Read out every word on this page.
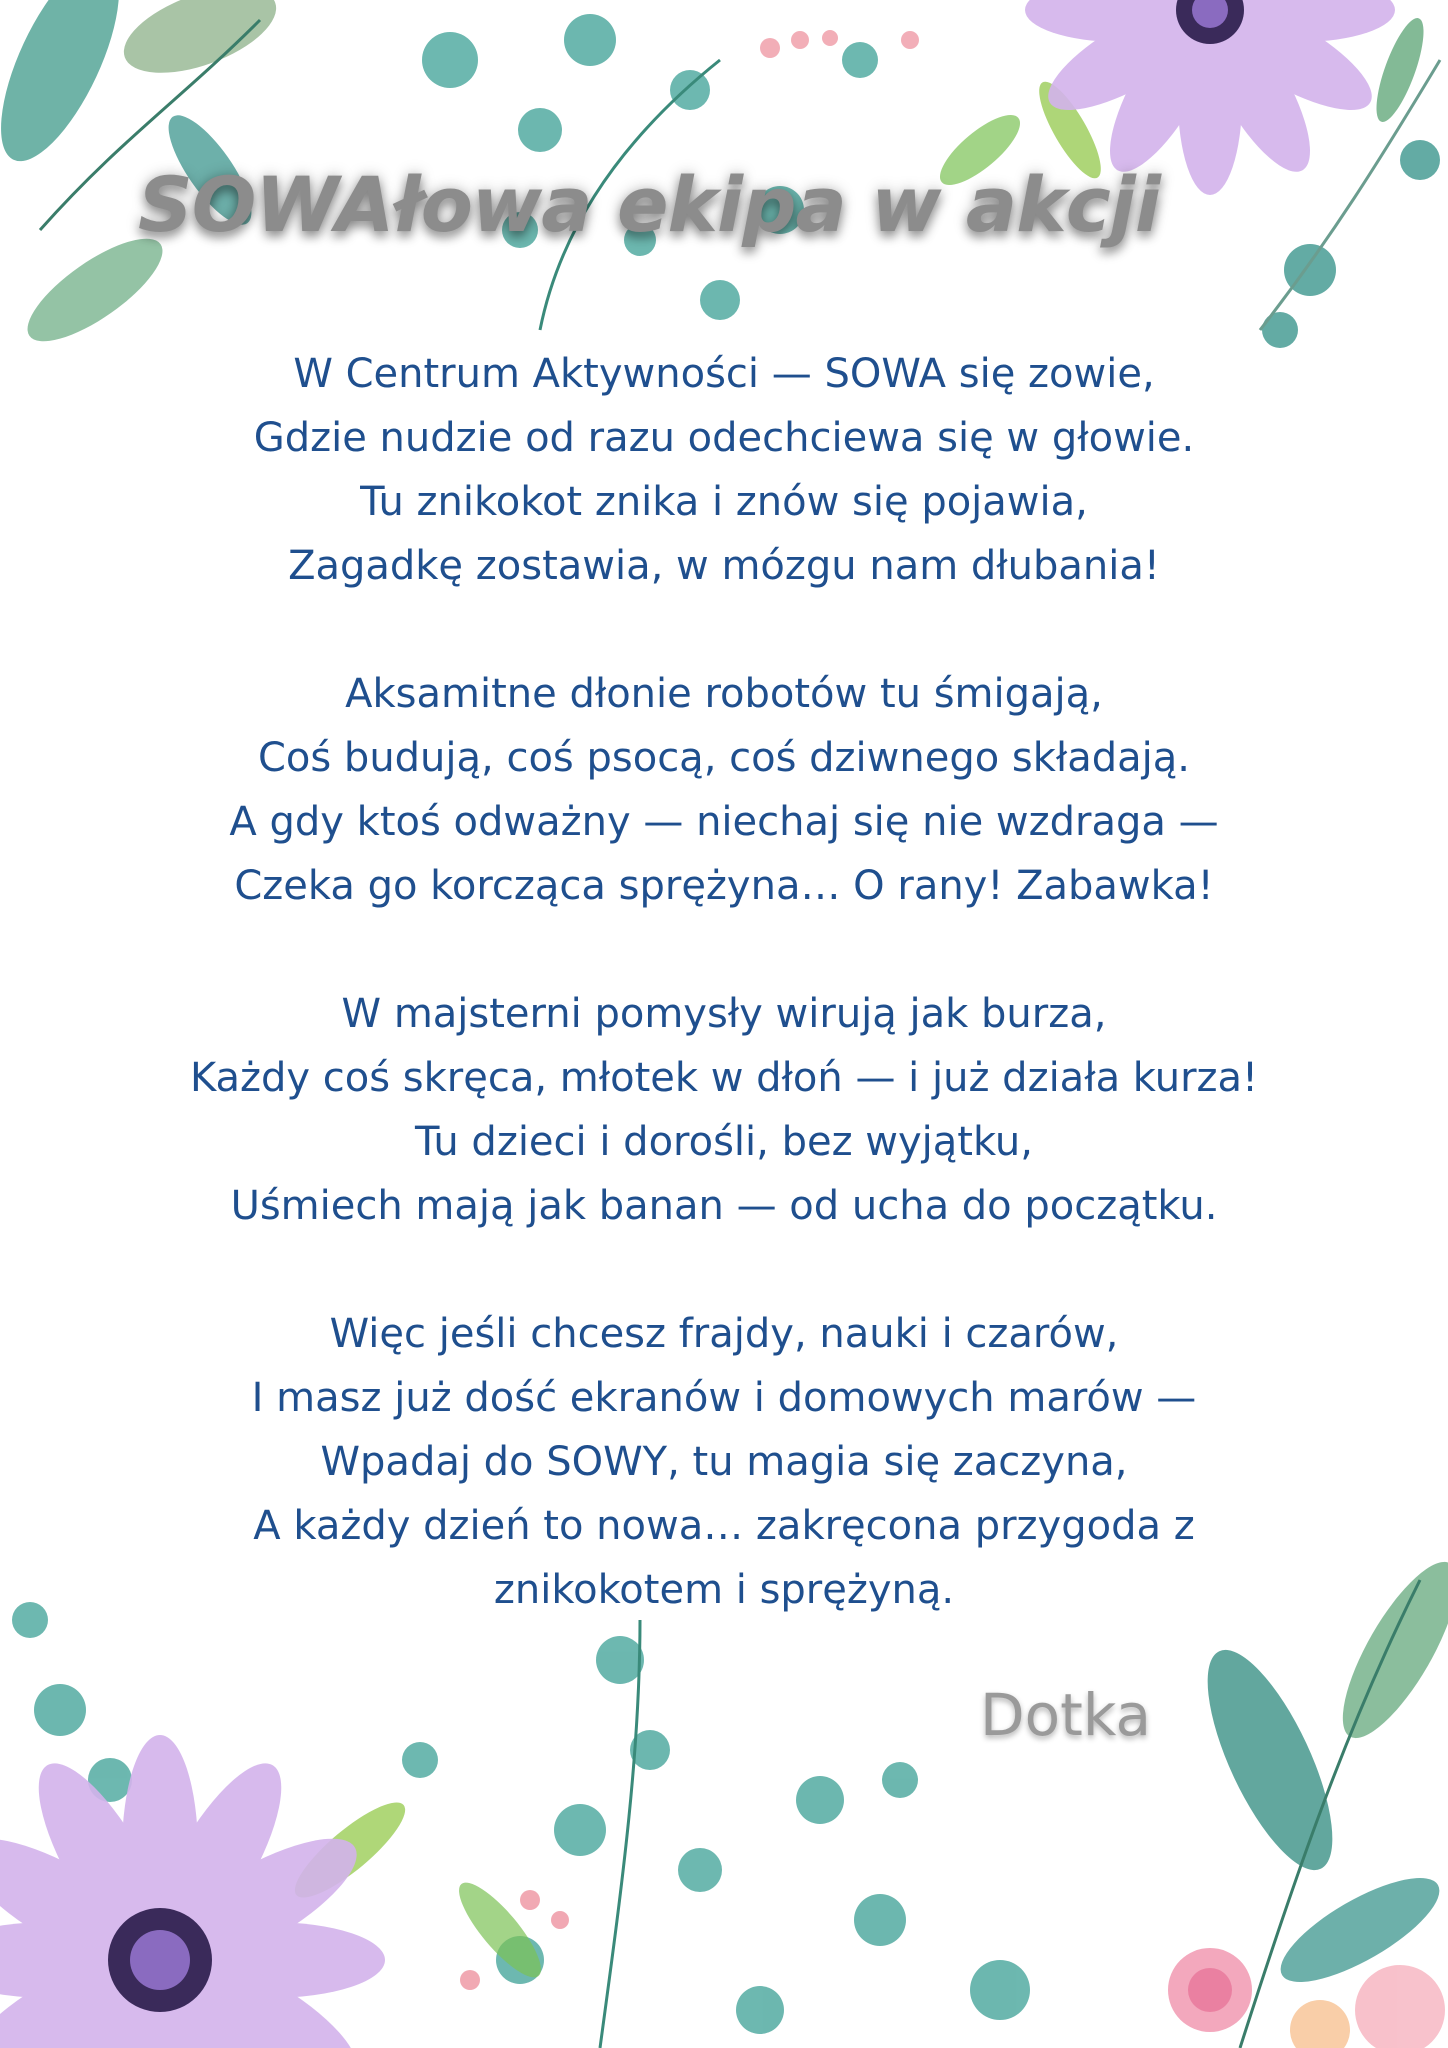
SOWAłowa ekipa w akcji
W Centrum Aktywności — SOWA się zowie,
Gdzie nudzie od razu odechciewa się w głowie.
Tu znikokot znika i znów się pojawia,
Zagadkę zostawia, w mózgu nam dłubania!
Aksamitne dłonie robotów tu śmigają,
Coś budują, coś psocą, coś dziwnego składają.
A gdy ktoś odważny — niechaj się nie wzdraga —
Czeka go korcząca sprężyna… O rany! Zabawka!
W majsterni pomysły wirują jak burza,
Każdy coś skręca, młotek w dłoń — i już działa kurza!
Tu dzieci i dorośli, bez wyjątku,
Uśmiech mają jak banan — od ucha do początku.
Więc jeśli chcesz frajdy, nauki i czarów,
I masz już dość ekranów i domowych marów —
Wpadaj do SOWY, tu magia się zaczyna,
A każdy dzień to nowa… zakręcona przygoda z
znikokotem i sprężyną.
Dotka
